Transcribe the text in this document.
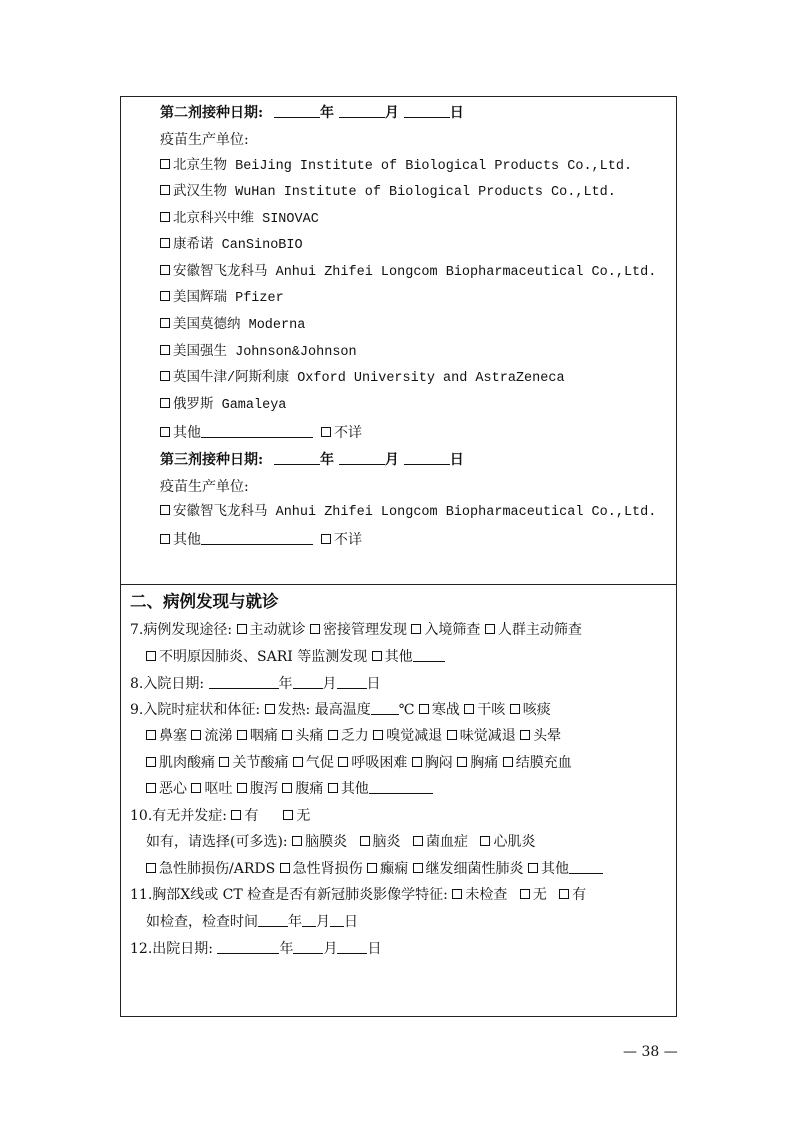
第二剂接种日期:	年	月	日
疫苗生产单位:
北京生物 BeiJing Institute of Biological Products Co.,Ltd.
武汉生物 WuHan Institute of Biological Products Co.,Ltd.
北京科兴中维 SINOVAC
康希诺 CanSinoBIO
安徽智飞龙科马 Anhui Zhifei Longcom Biopharmaceutical Co.,Ltd.
美国辉瑞 Pfizer
美国莫德纳 Moderna
美国强生 Johnson&Johnson
英国牛津/阿斯利康 Oxford University and AstraZeneca
俄罗斯 Gamaleya
其他	不详
第三剂接种日期:	年	月	日
疫苗生产单位:
安徽智飞龙科马 Anhui Zhifei Longcom Biopharmaceutical Co.,Ltd.
其他	不详
二、病例发现与就诊
7.病例发现途径: 主动就诊 密接管理发现 入境筛查 人群主动筛查
不明原因肺炎、SARI 等监测发现 其他
8.入院日期:	年 月 日
9.入院时症状和体征: 发热: 最高温度 ℃ 寒战 干咳 咳痰
鼻塞 流涕 咽痛 头痛 乏力 嗅觉减退 味觉减退 头晕
肌肉酸痛 关节酸痛 气促 呼吸困难 胸闷 胸痛 结膜充血
恶心 呕吐 腹泻 腹痛 其他
10.有无并发症: 有	无
如有，请选择(可多选): 脑膜炎 脑炎 菌血症 心肌炎
急性肺损伤/ARDS 急性肾损伤 癫痫 继发细菌性肺炎 其他
11.胸部X线或 CT 检查是否有新冠肺炎影像学特征: 未检查 无 有
如检查，检查时间 年 月 日
12.出院日期:	年 月 日
— 38 —
